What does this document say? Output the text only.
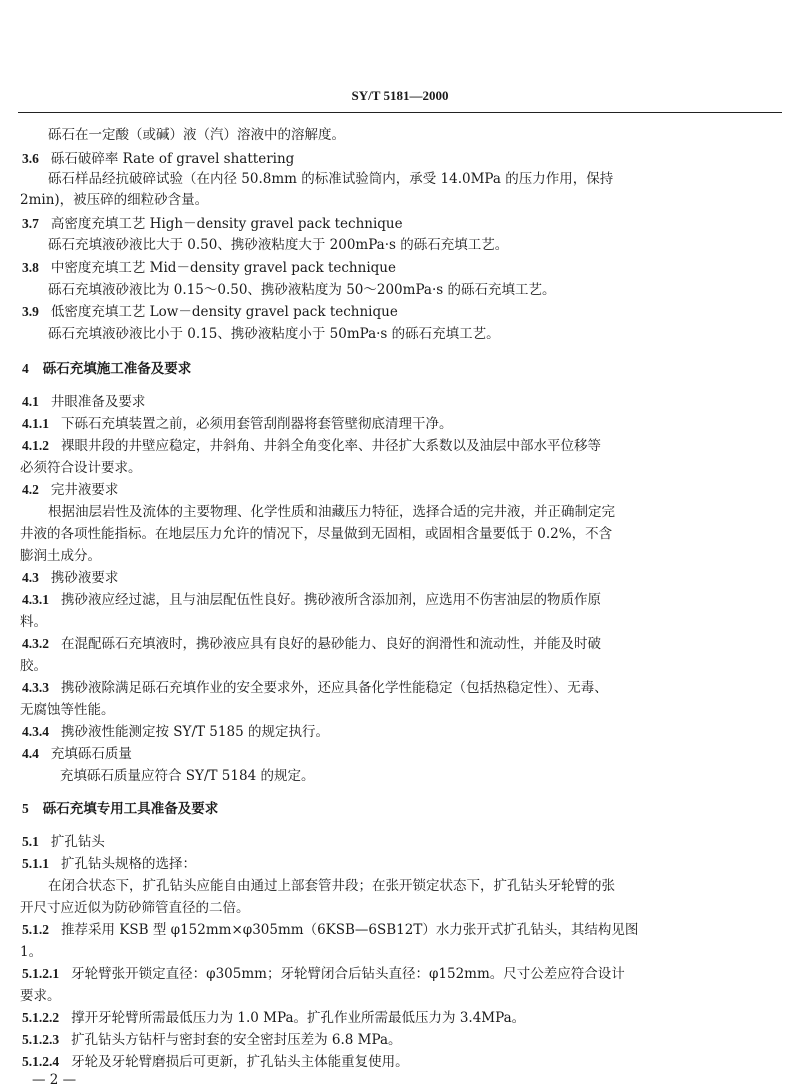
SY/T 5181—2000
砾石在一定酸（或碱）液（汽）溶液中的溶解度。
3.6 砾石破碎率 Rate of gravel shattering
砾石样品经抗破碎试验（在内径 50.8mm 的标准试验筒内，承受 14.0MPa 的压力作用，保持
2min)，被压碎的细粒砂含量。
3.7 高密度充填工艺 High－density gravel pack technique
砾石充填液砂液比大于 0.50、携砂液粘度大于 200mPa·s 的砾石充填工艺。
3.8 中密度充填工艺 Mid－density gravel pack technique
砾石充填液砂液比为 0.15～0.50、携砂液粘度为 50～200mPa·s 的砾石充填工艺。
3.9 低密度充填工艺 Low－density gravel pack technique
砾石充填液砂液比小于 0.15、携砂液粘度小于 50mPa·s 的砾石充填工艺。
4 砾石充填施工准备及要求
4.1 井眼准备及要求
4.1.1 下砾石充填装置之前，必须用套管刮削器将套管壁彻底清理干净。
4.1.2 裸眼井段的井壁应稳定，井斜角、井斜全角变化率、井径扩大系数以及油层中部水平位移等
必须符合设计要求。
4.2 完井液要求
根据油层岩性及流体的主要物理、化学性质和油藏压力特征，选择合适的完井液，并正确制定完
井液的各项性能指标。在地层压力允许的情况下，尽量做到无固相，或固相含量要低于 0.2%，不含
膨润土成分。
4.3 携砂液要求
4.3.1 携砂液应经过滤，且与油层配伍性良好。携砂液所含添加剂，应选用不伤害油层的物质作原
料。
4.3.2 在混配砾石充填液时，携砂液应具有良好的悬砂能力、良好的润滑性和流动性，并能及时破
胶。
4.3.3 携砂液除满足砾石充填作业的安全要求外，还应具备化学性能稳定（包括热稳定性）、无毒、
无腐蚀等性能。
4.3.4 携砂液性能测定按 SY/T 5185 的规定执行。
4.4 充填砾石质量
充填砾石质量应符合 SY/T 5184 的规定。
5 砾石充填专用工具准备及要求
5.1 扩孔钻头
5.1.1 扩孔钻头规格的选择：
在闭合状态下，扩孔钻头应能自由通过上部套管井段；在张开锁定状态下，扩孔钻头牙轮臂的张
开尺寸应近似为防砂筛管直径的二倍。
5.1.2 推荐采用 KSB 型 φ152mm×φ305mm（6KSB—6SB12T）水力张开式扩孔钻头，其结构见图
1。
5.1.2.1 牙轮臂张开锁定直径：φ305mm；牙轮臂闭合后钻头直径：φ152mm。尺寸公差应符合设计
要求。
5.1.2.2 撑开牙轮臂所需最低压力为 1.0 MPa。扩孔作业所需最低压力为 3.4MPa。
5.1.2.3 扩孔钻头方钻杆与密封套的安全密封压差为 6.8 MPa。
5.1.2.4 牙轮及牙轮臂磨损后可更新，扩孔钻头主体能重复使用。
— 2 —
